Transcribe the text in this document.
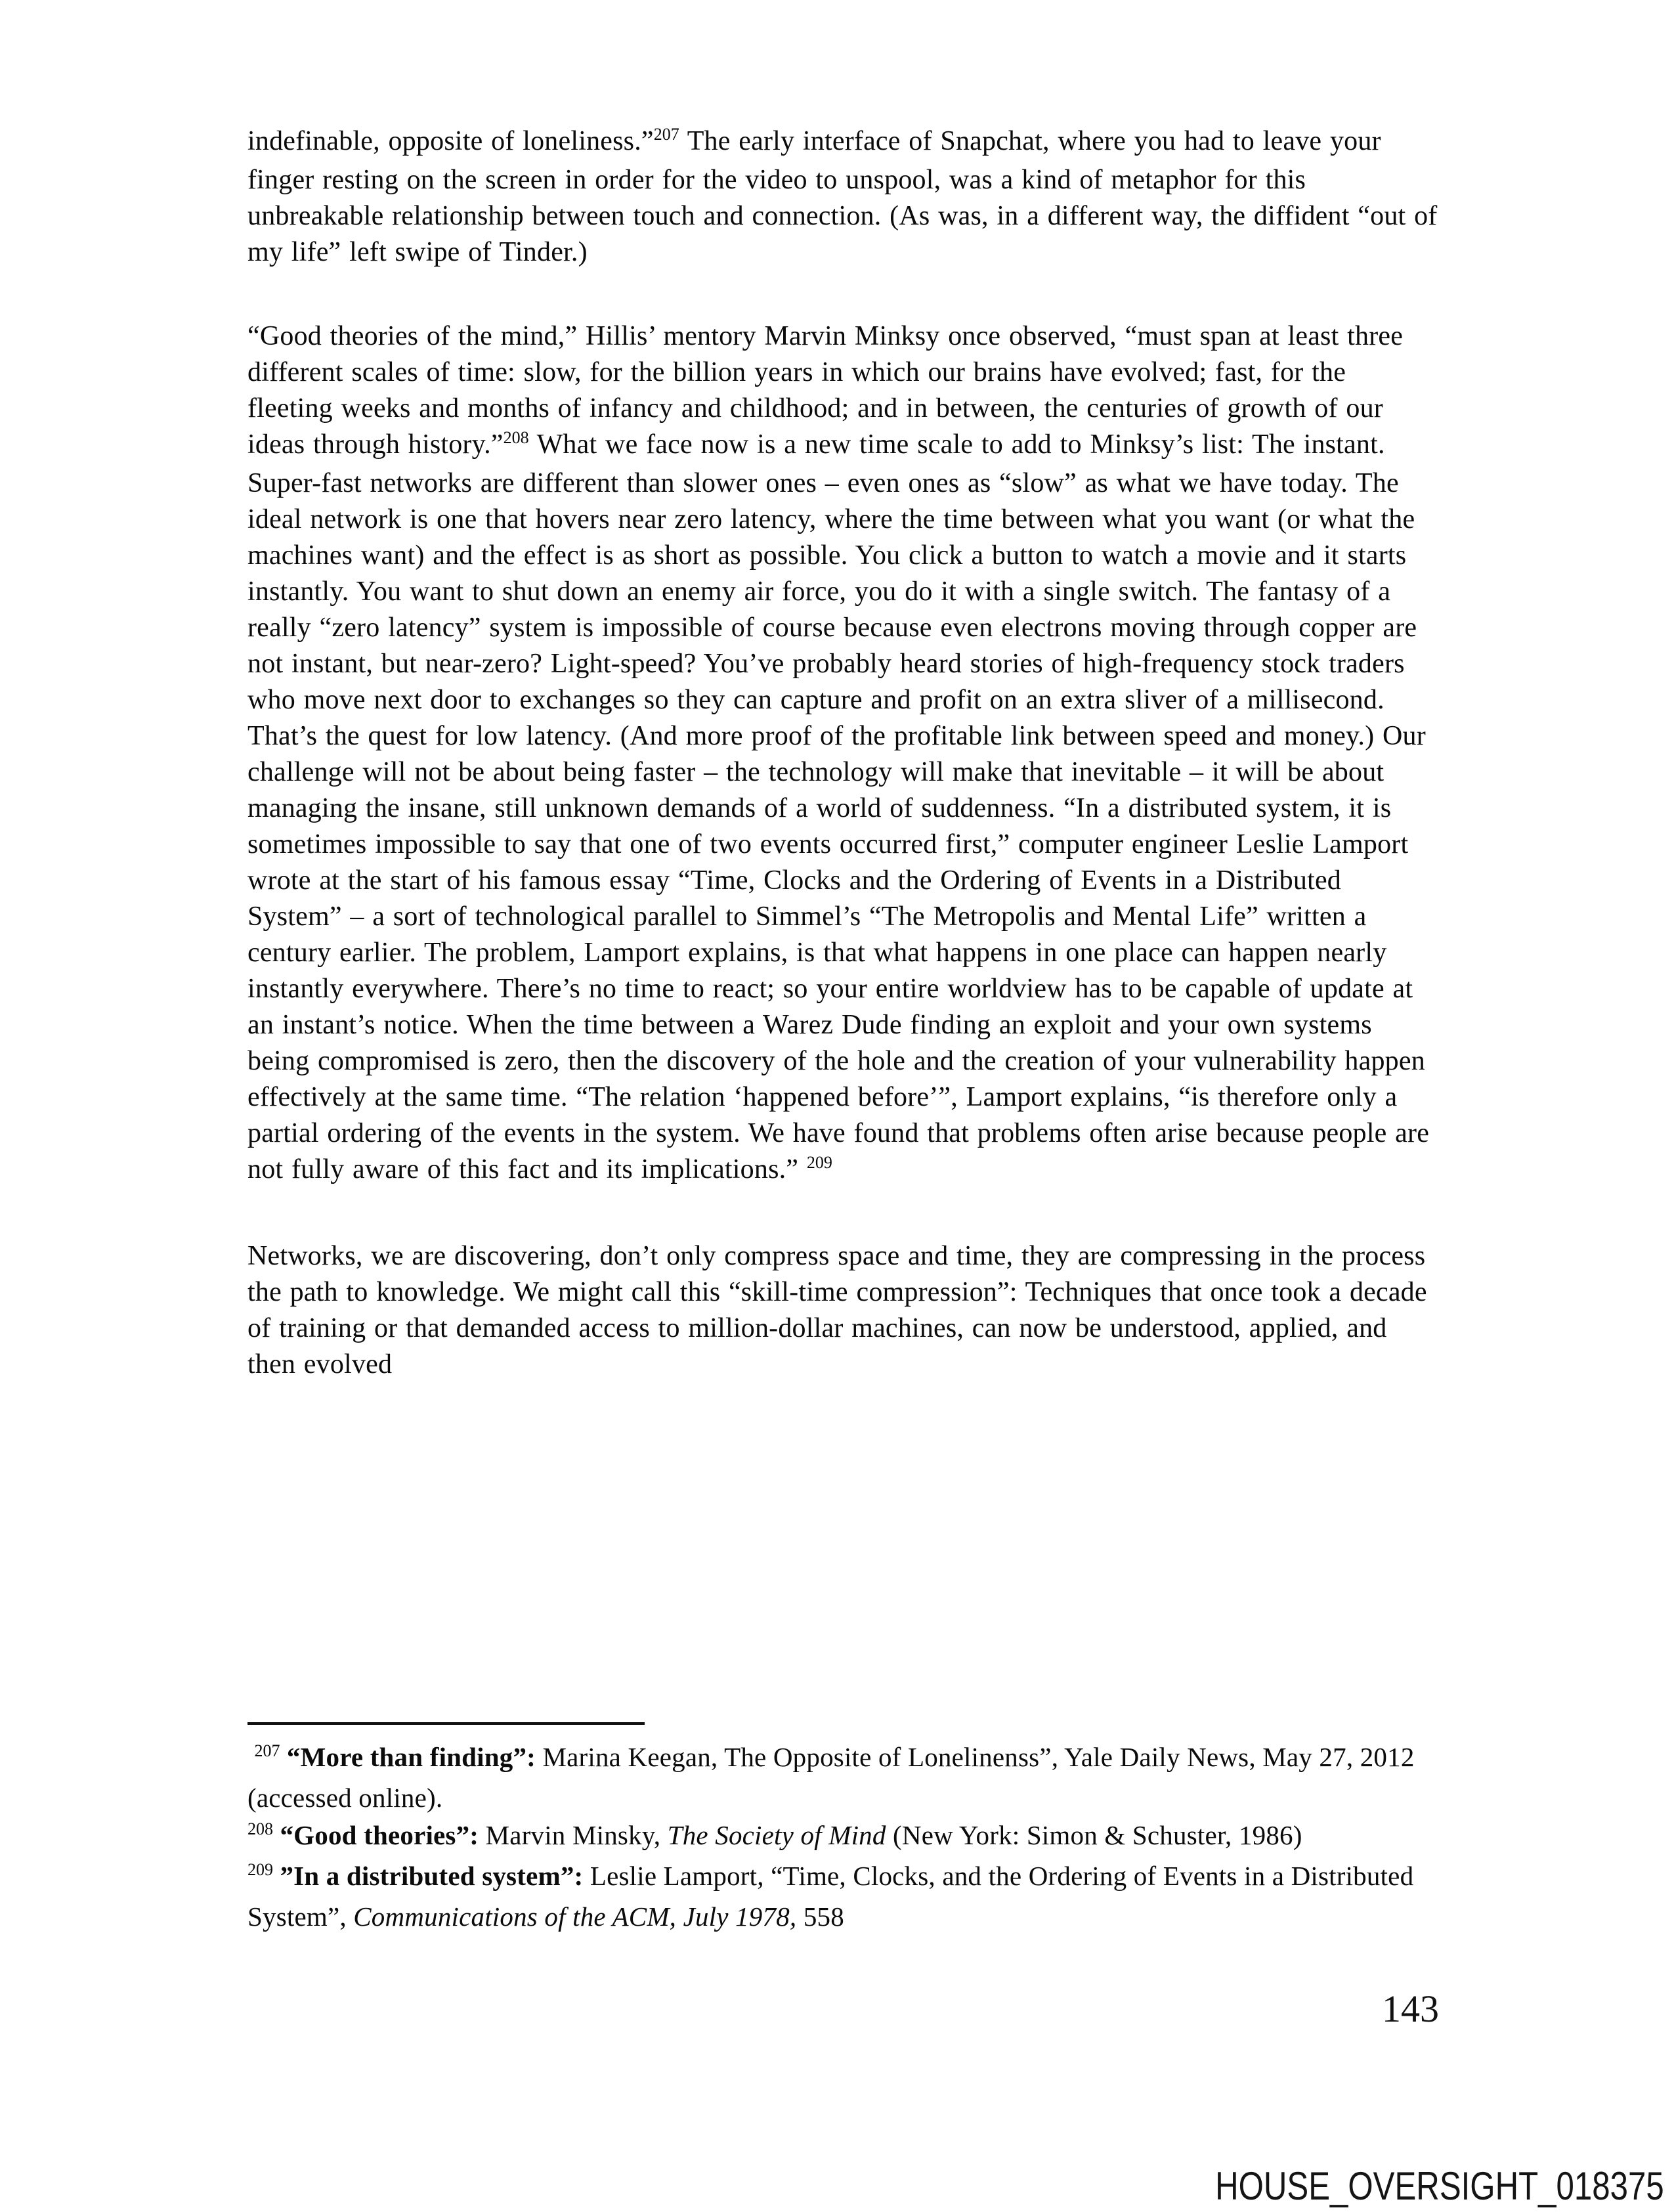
indefinable, opposite of loneliness.”$^{207}$ The early interface of Snapchat, where you had to leave your finger resting on the screen in order for the video to unspool, was a kind of metaphor for this unbreakable relationship between touch and connection. (As was, in a different way, the diffident “out of my life” left swipe of Tinder.)

“Good theories of the mind,” Hillis’ mentory Marvin Minksy once observed, “must span at least three different scales of time: slow, for the billion years in which our brains have evolved; fast, for the fleeting weeks and months of infancy and childhood; and in between, the centuries of growth of our ideas through history.”$^{208}$ What we face now is a new time scale to add to Minksy’s list: The instant. Super-fast networks are different than slower ones – even ones as “slow” as what we have today. The ideal network is one that hovers near zero latency, where the time between what you want (or what the machines want) and the effect is as short as possible. You click a button to watch a movie and it starts instantly. You want to shut down an enemy air force, you do it with a single switch. The fantasy of a really “zero latency” system is impossible of course because even electrons moving through copper are not instant, but near-zero? Light-speed? You’ve probably heard stories of high-frequency stock traders who move next door to exchanges so they can capture and profit on an extra sliver of a millisecond. That’s the quest for low latency. (And more proof of the profitable link between speed and money.) Our challenge will not be about being faster – the technology will make that inevitable – it will be about managing the insane, still unknown demands of a world of suddenness. “In a distributed system, it is sometimes impossible to say that one of two events occurred first,” computer engineer Leslie Lamport wrote at the start of his famous essay “Time, Clocks and the Ordering of Events in a Distributed System” – a sort of technological parallel to Simmel’s “The Metropolis and Mental Life” written a century earlier. The problem, Lamport explains, is that what happens in one place can happen nearly instantly everywhere. There’s no time to react; so your entire worldview has to be capable of update at an instant’s notice. When the time between a Warez Dude finding an exploit and your own systems being compromised is zero, then the discovery of the hole and the creation of your vulnerability happen effectively at the same time. “The relation ‘happened before’”, Lamport explains, “is therefore only a partial ordering of the events in the system. We have found that problems often arise because people are not fully aware of this fact and its implications.” $^{209}$

Networks, we are discovering, don’t only compress space and time, they are compressing in the process the path to knowledge. We might call this “skill-time compression”: Techniques that once took a decade of training or that demanded access to million-dollar machines, can now be understood, applied, and then evolved

$^{207}$ “More than finding”: Marina Keegan, The Opposite of Lonelinenss”, Yale Daily News, May 27, 2012 (accessed online).

$^{208}$ “Good theories”: Marvin Minsky, The Society of Mind (New York: Simon & Schuster, 1986)

$^{209}$ ”In a distributed system”: Leslie Lamport, “Time, Clocks, and the Ordering of Events in a Distributed System”, Communications of the ACM, July 1978, 558

143
HOUSE_OVERSIGHT_018375
